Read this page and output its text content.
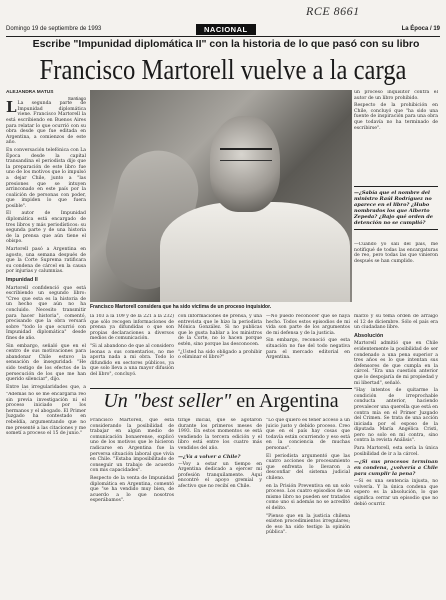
RCE 8661
Domingo 19 de septiembre de 1993	NACIONAL	La Época / 19
Escribe "Impunidad diplomática II" con la historia de lo que pasó con su libro
Francisco Martorell vuelve a la carga
ALEJANDRA MATUS
Santiago

L La segunda parte de Impunidad diplomática viene. Francisco Martorell la está escribiendo en Buenos Aires para relatar lo que ocurrió con su obra desde que fue editada en Argentina, a comienzos de este año.

En conversación telefónica con La Época desde la capital transandina el periodista dijo que la preparación de este libro fue uno de los motivos que lo impulsó a dejar Chile, junto a "las presiones que se intuyen arrinconado en este país por la coalición de personas con poder, que impiden lo que fuera posible".

El autor de Impunidad diplomática está encargado de tres libros y más periodísticos: su segunda parte y de una historia de la prensa que aún tiene el obispo.

Martorell pasó a Argentina en agosto, una semana después de que la Corte Suprema ratificara su condena de cárcel en la causa por injurias y calumnias.

Impunidad II

Martorell confidenció que está escribiendo un segundo libro: "Creo que esta es la historia de un hecho que aún no ha concluido. Necesito transmitir para hacer historia", comentó, precisando que la obra versará sobre "todo lo que ocurrió con Impunidad diplomática" desde fines de año.

Sin embargo, señaló que en el centro de sus motivaciones para abandonar Chile estuvo la sensación de inseguridad: "He sido testigo de los efectos de la persecución de los que me han querido silenciar", dijo.

Entre las irregularidades que, a

"Además no se me encargaría reo sin previa investigación ni el proceso iniciado por los hermanos y el abogado. El Primer Juzgado ha contestado en rebeldía, argumentando que no me presenté a las citaciones y me sometí a proceso el 15 de junio."

Francisco Martorell considera que ha sido víctima de un proceso inquisidor.

un proceso inquisitor contra el autor de un libro prohibido.

Respecto de la prohibición en Chile, concluyó que "ha sido una fuente de inspiración para una obra que todavía no ha terminado de escribirse".

—¿Sabía que el nombre del ministro Raúl Rodríguez no aparece en el libro? ¿Hubo nombrados los que Alberto Zepeda? ¿Bajo qué orden de detención no se cumplió?

—Cuando yo salí del país, me notifiqué de todas las encargaturas de reo, pero todas las que vinieron después se han cumplido.

la 103 a la 109 y de la 221 a la 232) que sólo recogen informaciones de prensa ya difundidas o que son propias declaraciones a diversos medios de comunicación.

"Si al abandono de que al considero leonas a sus comentarios, no me aporta nada a mi obra. Todo lo difundido en sectores públicos, ya que solo lleva a una mayor difusión del libro", concluyó.

con informaciones de prensa, y una entrevista que le hizo la periodista Mónica González. Si no publicas que le gusta hablar a los ministros de la Corte, no lo hacen porque estén, sino porque las desconocen.

"¿Usted ha sido obligado a prohibir o eliminar el libro?"

—No puedo reconocer que se haya hecho. Todos estos episodios de mi vida son parte de los argumentos de mi defensa y de la justicia.

Sin embargo, reconoció que esta situación no fue del todo negativa para el mercado editorial en Argentina.

marzo y su tema orden de arraigo el 12 de diciembre. Sólo el país era un ciudadano libre.

Absolución

Martorell admitió que en Chile evidentemente la posibilidad de ser condenado a una pena superior a tres años es lo que intentan sus defensores de que cumpla en la cárcel. "Era una cuestión anterior que lo despojaría de mi propiedad y mi libertad", señaló.

"Hay intentos de quitarme la condición de irreprochable conducta anterior, haciendo prevalecer una querella que está en contra mía en el Primer Juzgado del Crimen. Se trata de una acción iniciada por el esposo de la diputada María Angélica Cristi, pero no solo en mi contra, sino contra la revista Análisis".

Para Martorell, esta sería la única posibilidad de ir a la cárcel.

—¿Si sus procesos terminan en condena, ¿volvería a Chile para cumplir la pena?

—Si es una sentencia injusta, no volvería. Y la única condena que espero es la absolución, lo que significa cerrar un episodio que no debió ocurrir.

Un "best seller" en Argentina

Francisco Martorell, que está considerando la posibilidad de trabajar en algún medio de comunicación bonaerense, explicó uno de los motivos que le hicieron radicarse en Argentina fue la perversa situación laboral que vivía en Chile. "Estaba imposibilitado de conseguir un trabajo de acuerdo con mis capacidades".

Respecto de la venta de Impunidad diplomática en Argentina, comentó que "se ha vendido muy bien, de acuerdo a lo que nosotros esperábamos".

tiraje inicial, que se agotaron durante los primeros meses de 1993. En estos momentos se está vendiendo la tercera edición y el libro está entre los cuatro más vendidos del año.

—¿Va a volver a Chile?

—Voy a estar un tiempo en Argentina dedicado a ejercer mi profesión tranquilamente. Aquí encontré el apoyo gremial y afectivo que no recibí en Chile.

"Lo que quiero es tener acceso a un juicio justo y debido proceso. Creo que en el país hay cosas que todavía están ocurriendo y eso está en la conciencia de muchas personas".

El periodista argumentó que las cuatro acciones de procesamiento que enfrenta lo llevaron a desconfiar del sistema judicial chileno.

en la Prisión Preventiva en un solo proceso. Los cuatro episodios de un mismo libro no pueden ser tratados como uno si además no se acreditó el delito.

"Pienso que en la justicia chilena existen procedimientos irregulares; de eso ha sido testigo la opinión pública".
